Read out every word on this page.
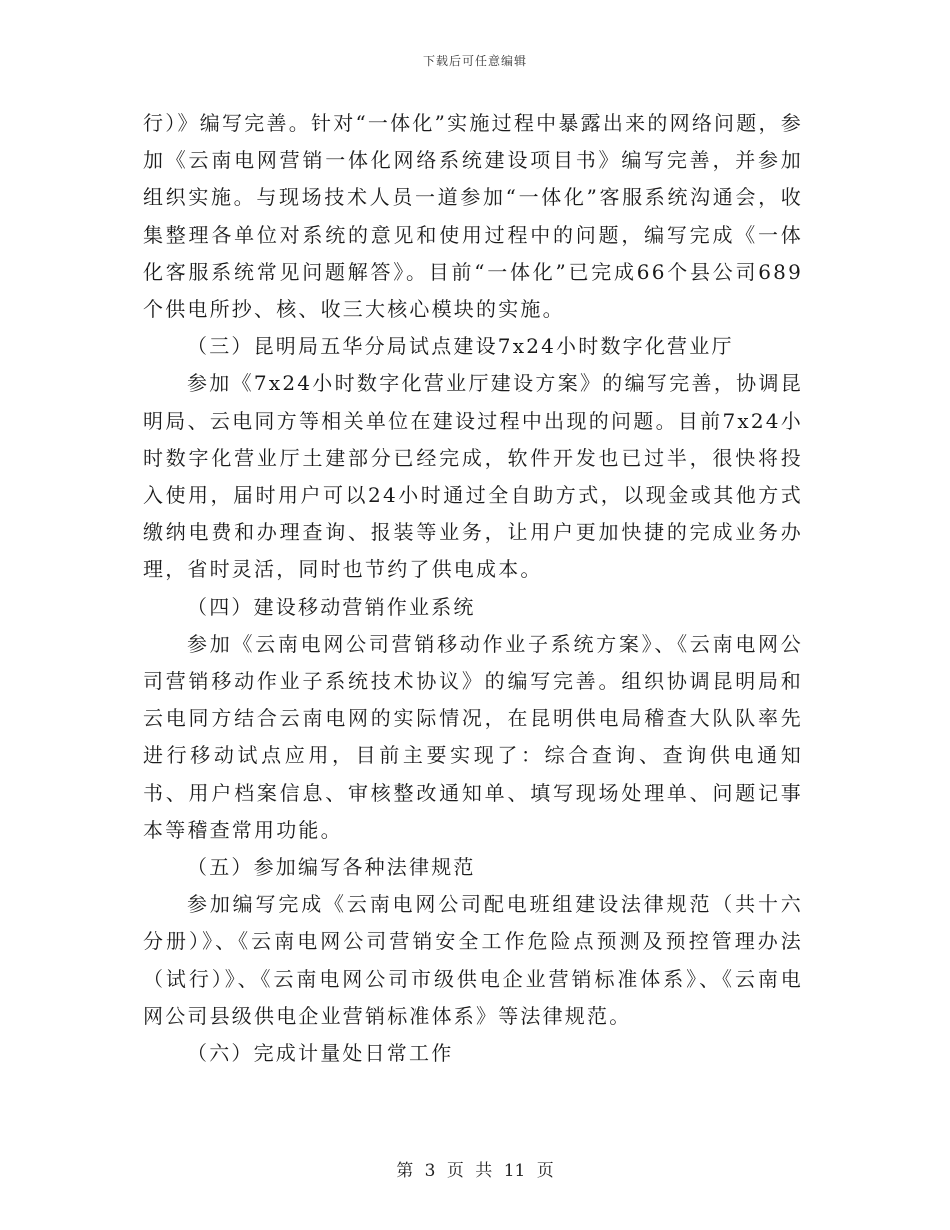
下载后可任意编辑

行）》编写完善。针对“一体化”实施过程中暴露出来的网络问题，参加《云南电网营销一体化网络系统建设项目书》编写完善，并参加组织实施。与现场技术人员一道参加“一体化”客服系统沟通会，收集整理各单位对系统的意见和使用过程中的问题，编写完成《一体化客服系统常见问题解答》。目前“一体化”已完成66个县公司689个供电所抄、核、收三大核心模块的实施。

（三）昆明局五华分局试点建设7x24小时数字化营业厅

参加《7x24小时数字化营业厅建设方案》的编写完善，协调昆明局、云电同方等相关单位在建设过程中出现的问题。目前7x24小时数字化营业厅土建部分已经完成，软件开发也已过半，很快将投入使用，届时用户可以24小时通过全自助方式，以现金或其他方式缴纳电费和办理查询、报装等业务，让用户更加快捷的完成业务办理，省时灵活，同时也节约了供电成本。

（四）建设移动营销作业系统

参加《云南电网公司营销移动作业子系统方案》、《云南电网公司营销移动作业子系统技术协议》的编写完善。组织协调昆明局和云电同方结合云南电网的实际情况，在昆明供电局稽查大队队率先进行移动试点应用，目前主要实现了：综合查询、查询供电通知书、用户档案信息、审核整改通知单、填写现场处理单、问题记事本等稽查常用功能。

（五）参加编写各种法律规范

参加编写完成《云南电网公司配电班组建设法律规范（共十六分册）》、《云南电网公司营销安全工作危险点预测及预控管理办法（试行）》、《云南电网公司市级供电企业营销标准体系》、《云南电网公司县级供电企业营销标准体系》等法律规范。

（六）完成计量处日常工作

第 3 页 共 11 页
